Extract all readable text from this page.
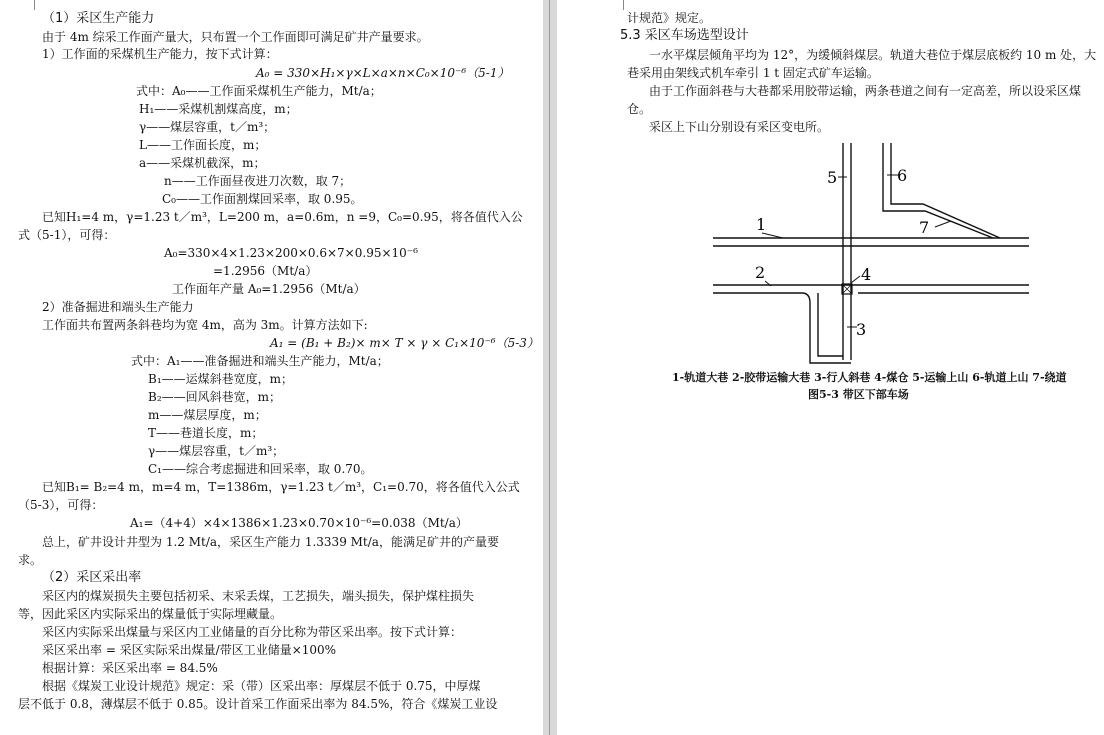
（1）采区生产能力
由于 4m 综采工作面产量大，只布置一个工作面即可满足矿井产量要求。
1）工作面的采煤机生产能力，按下式计算：
A₀ = 330×H₁×γ×L×a×n×C₀×10⁻⁶（5-1）
式中：A₀——工作面采煤机生产能力，Mt/a；
H₁——采煤机割煤高度，m；
γ——煤层容重，t／m³；
L——工作面长度，m；
a——采煤机截深，m；
n——工作面昼夜进刀次数，取 7；
C₀——工作面割煤回采率，取 0.95。
已知H₁=4 m，γ=1.23 t／m³，L=200 m，a=0.6m，n =9，C₀=0.95，将各值代入公
式（5-1），可得：
A₀=330×4×1.23×200×0.6×7×0.95×10⁻⁶
=1.2956（Mt/a）
工作面年产量 A₀=1.2956（Mt/a）
2）准备掘进和端头生产能力
工作面共布置两条斜巷均为宽 4m，高为 3m。计算方法如下:
A₁ = (B₁ + B₂)× m× T × γ × C₁×10⁻⁶（5-3）
式中：A₁——准备掘进和端头生产能力，Mt/a；
B₁——运煤斜巷宽度，m；
B₂——回风斜巷宽，m；
m——煤层厚度，m；
T——巷道长度，m；
γ——煤层容重，t／m³；
C₁——综合考虑掘进和回采率，取 0.70。
已知B₁= B₂=4 m，m=4 m，T=1386m，γ=1.23 t／m³，C₁=0.70，将各值代入公式
（5-3），可得：
A₁=（4+4）×4×1386×1.23×0.70×10⁻⁶=0.038（Mt/a）
总上，矿井设计井型为 1.2 Mt/a，采区生产能力 1.3339 Mt/a，能满足矿井的产量要
求。
（2）采区采出率
采区内的煤炭损失主要包括初采、末采丢煤，工艺损失，端头损失，保护煤柱损失
等，因此采区内实际采出的煤量低于实际埋藏量。
采区内实际采出煤量与采区内工业储量的百分比称为带区采出率。按下式计算：
采区采出率 = 采区实际采出煤量/带区工业储量×100%
根据计算：采区采出率 = 84.5%
根据《煤炭工业设计规范》规定：采（带）区采出率：厚煤层不低于 0.75，中厚煤
层不低于 0.8，薄煤层不低于 0.85。设计首采工作面采出率为 84.5%，符合《煤炭工业设
计规范》规定。
5.3 采区车场选型设计
一水平煤层倾角平均为 12°，为缓倾斜煤层。轨道大巷位于煤层底板约 10 m 处，大
巷采用由架线式机车牵引 1 t 固定式矿车运输。
由于工作面斜巷与大巷都采用胶带运输，两条巷道之间有一定高差，所以设采区煤
仓。
采区上下山分别设有采区变电所。
1
2
3
4
5	6
7
1-轨道大巷 2-胶带运输大巷 3-行人斜巷 4-煤仓 5-运输上山 6-轨道上山 7-绕道
图5-3 带区下部车场
